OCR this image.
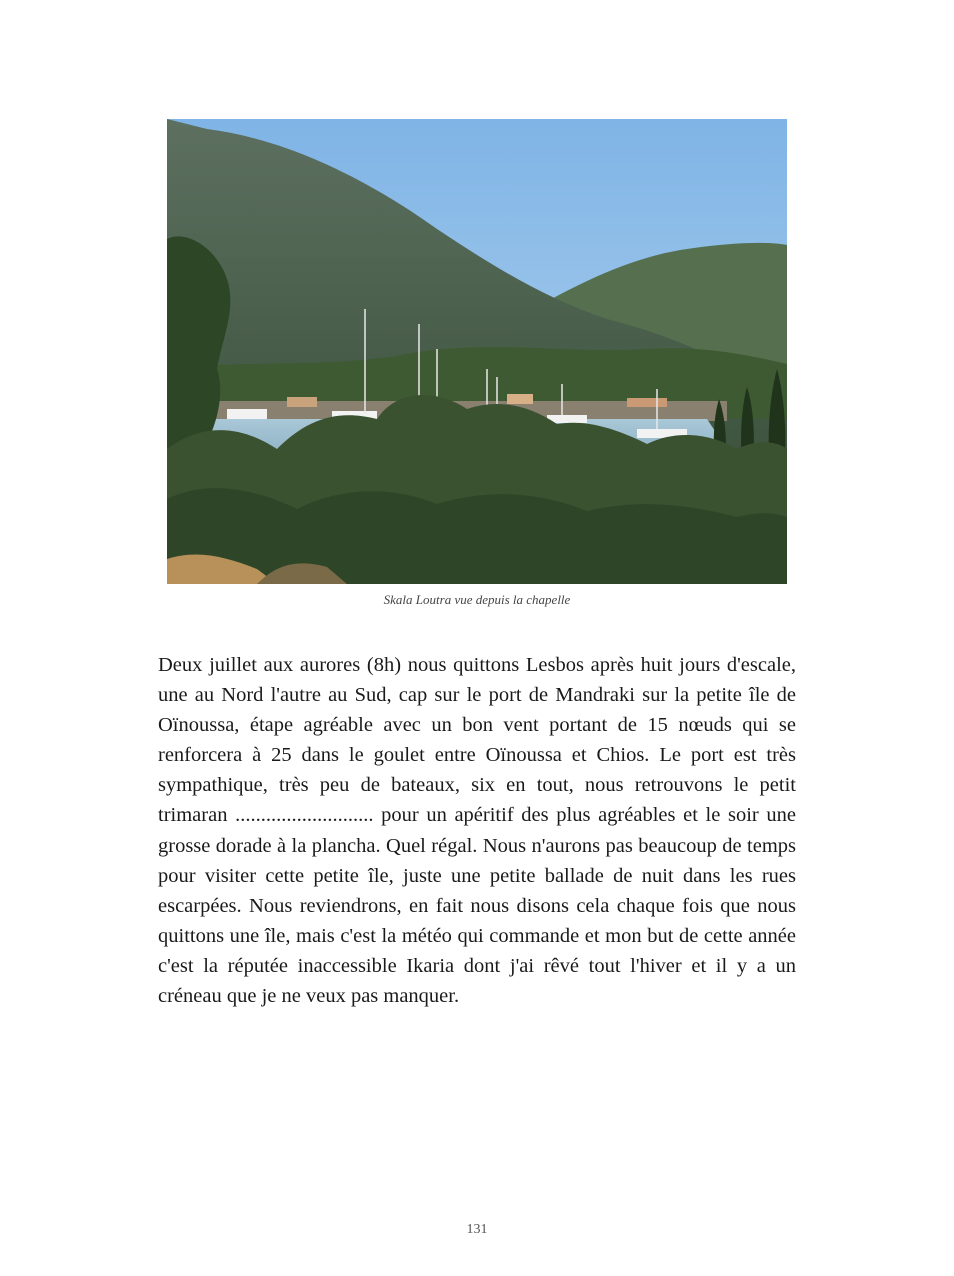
Skala Loutra vue depuis la chapelle

Deux juillet aux aurores (8h) nous quittons Lesbos après huit jours d'escale, une au Nord l'autre au Sud, cap sur le port de Mandraki sur la petite île de Oïnoussa, étape agréable avec un bon vent portant de 15 nœuds qui se renforcera à 25 dans le goulet entre Oïnoussa et Chios. Le port est très sympathique, très peu de bateaux, six en tout, nous retrouvons le petit trimaran ........................... pour un apéritif des plus agréables et le soir une grosse dorade à la plancha. Quel régal. Nous n'aurons pas beaucoup de temps pour visiter cette petite île, juste une petite ballade de nuit dans les rues escarpées. Nous reviendrons, en fait nous disons cela chaque fois que nous quittons une île, mais c'est la météo qui commande et mon but de cette année c'est la réputée inaccessible Ikaria dont j'ai rêvé tout l'hiver et il y a un créneau que je ne veux pas manquer.

131
